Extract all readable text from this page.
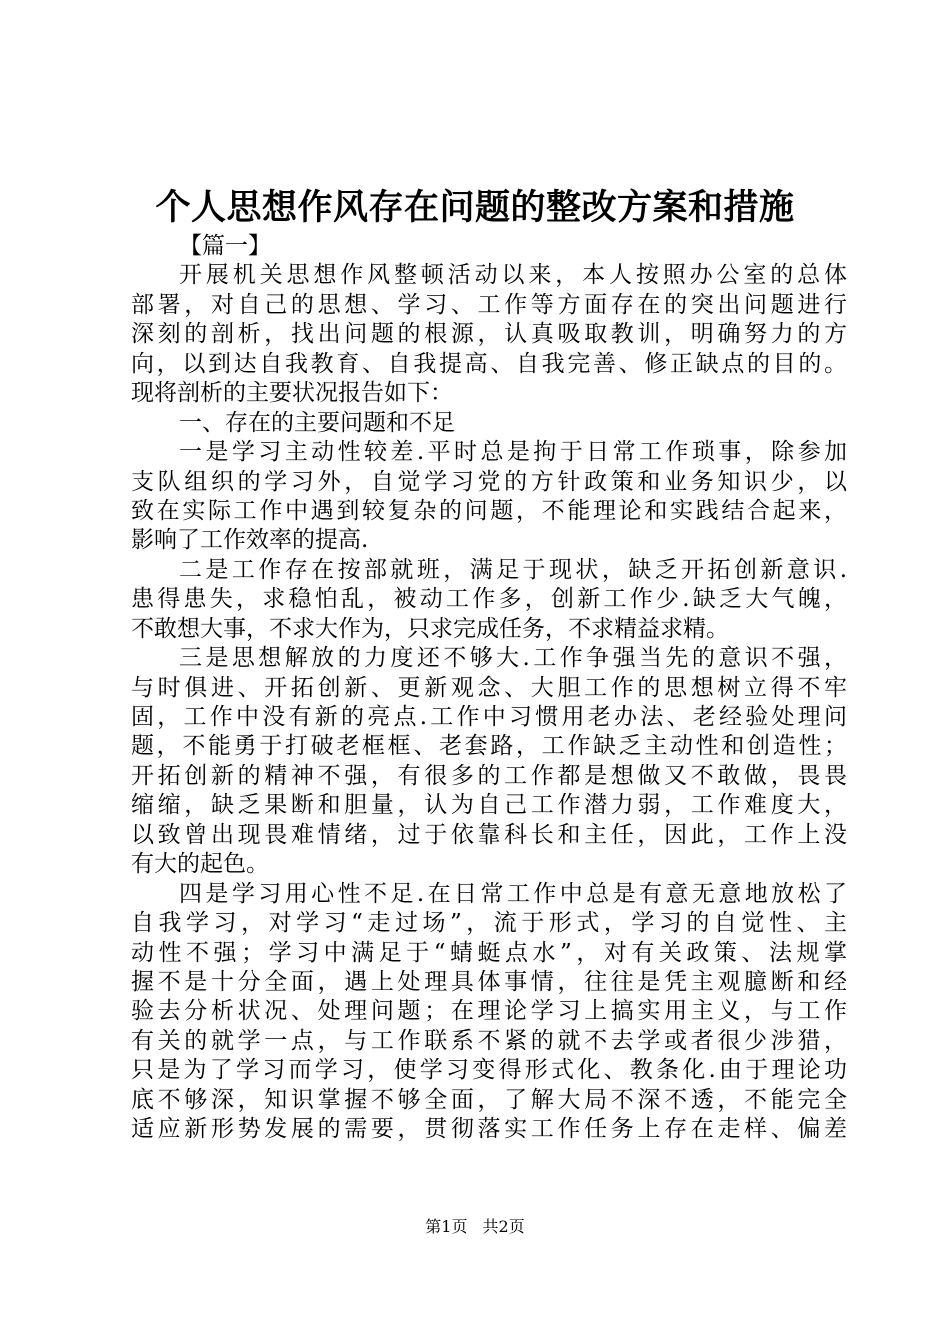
个人思想作风存在问题的整改方案和措施
【篇一】
开展机关思想作风整顿活动以来，本人按照办公室的总体
部署，对自己的思想、学习、工作等方面存在的突出问题进行
深刻的剖析，找出问题的根源，认真吸取教训，明确努力的方
向，以到达自我教育、自我提高、自我完善、修正缺点的目的。
现将剖析的主要状况报告如下：
一、存在的主要问题和不足
一是学习主动性较差.平时总是拘于日常工作琐事，除参加
支队组织的学习外，自觉学习党的方针政策和业务知识少，以
致在实际工作中遇到较复杂的问题，不能理论和实践结合起来，
影响了工作效率的提高.
二是工作存在按部就班，满足于现状，缺乏开拓创新意识.
患得患失，求稳怕乱，被动工作多，创新工作少.缺乏大气魄，
不敢想大事，不求大作为，只求完成任务，不求精益求精。
三是思想解放的力度还不够大.工作争强当先的意识不强，
与时俱进、开拓创新、更新观念、大胆工作的思想树立得不牢
固，工作中没有新的亮点.工作中习惯用老办法、老经验处理问
题，不能勇于打破老框框、老套路，工作缺乏主动性和创造性；
开拓创新的精神不强，有很多的工作都是想做又不敢做，畏畏
缩缩，缺乏果断和胆量，认为自己工作潜力弱，工作难度大，
以致曾出现畏难情绪，过于依靠科长和主任，因此，工作上没
有大的起色。
四是学习用心性不足.在日常工作中总是有意无意地放松了
自我学习，对学习“走过场”，流于形式，学习的自觉性、主
动性不强；学习中满足于“蜻蜓点水”，对有关政策、法规掌
握不是十分全面，遇上处理具体事情，往往是凭主观臆断和经
验去分析状况、处理问题；在理论学习上搞实用主义，与工作
有关的就学一点，与工作联系不紧的就不去学或者很少涉猎，
只是为了学习而学习，使学习变得形式化、教条化.由于理论功
底不够深，知识掌握不够全面，了解大局不深不透，不能完全
适应新形势发展的需要，贯彻落实工作任务上存在走样、偏差
第1页 共2页
